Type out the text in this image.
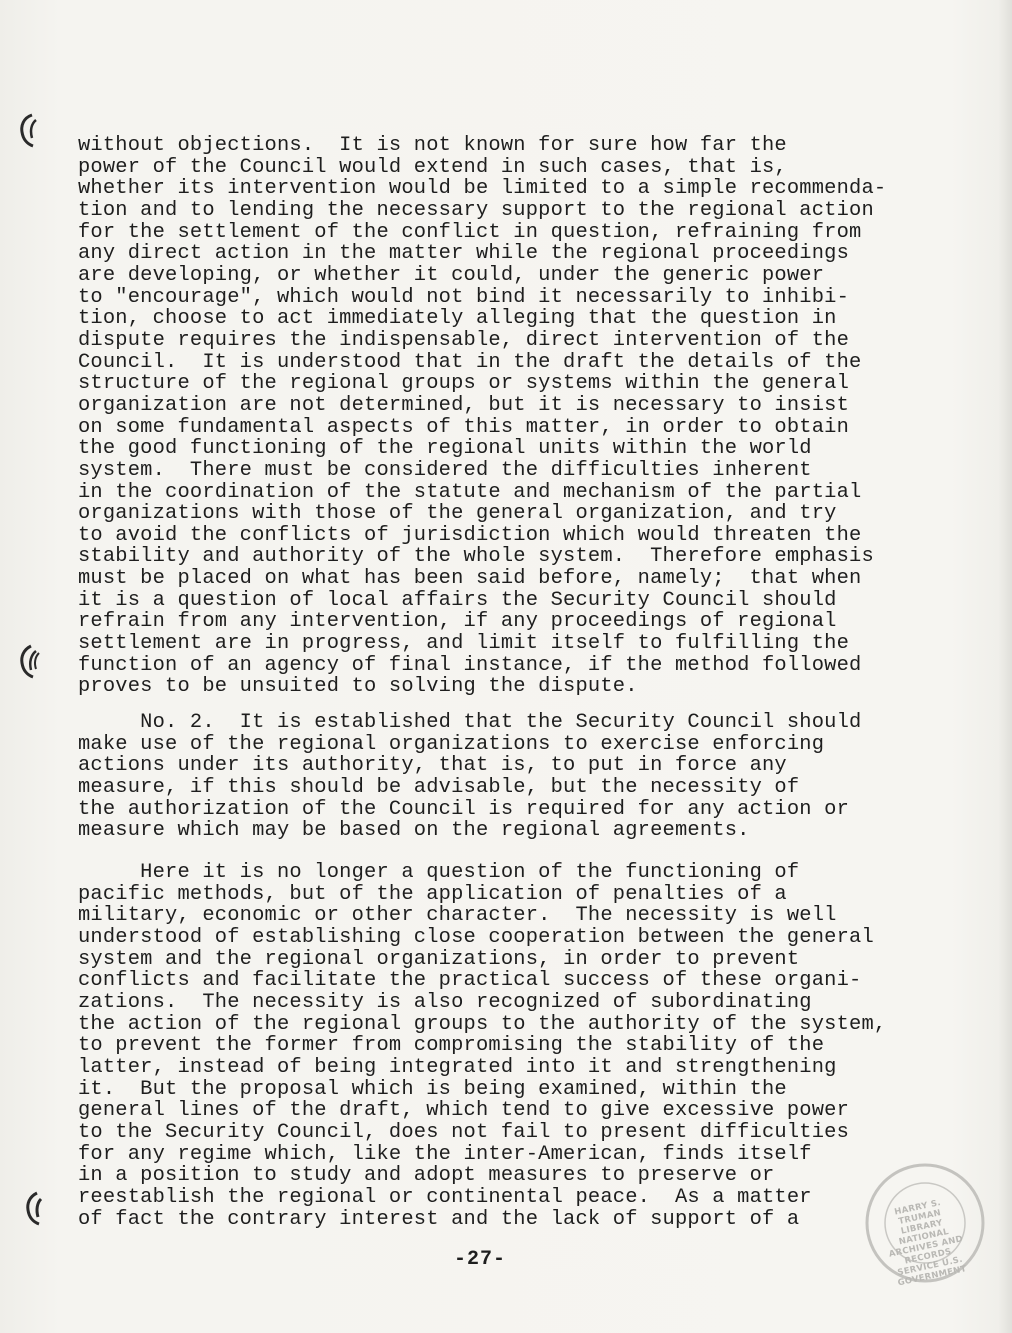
without objections.  It is not known for sure how far the
power of the Council would extend in such cases, that is,
whether its intervention would be limited to a simple recommenda-
tion and to lending the necessary support to the regional action
for the settlement of the conflict in question, refraining from
any direct action in the matter while the regional proceedings
are developing, or whether it could, under the generic power
to "encourage", which would not bind it necessarily to inhibi-
tion, choose to act immediately alleging that the question in
dispute requires the indispensable, direct intervention of the
Council.  It is understood that in the draft the details of the
structure of the regional groups or systems within the general
organization are not determined, but it is necessary to insist
on some fundamental aspects of this matter, in order to obtain
the good functioning of the regional units within the world
system.  There must be considered the difficulties inherent
in the coordination of the statute and mechanism of the partial
organizations with those of the general organization, and try
to avoid the conflicts of jurisdiction which would threaten the
stability and authority of the whole system.  Therefore emphasis
must be placed on what has been said before, namely;  that when
it is a question of local affairs the Security Council should
refrain from any intervention, if any proceedings of regional
settlement are in progress, and limit itself to fulfilling the
function of an agency of final instance, if the method followed
proves to be unsuited to solving the dispute.

No. 2.  It is established that the Security Council should
make use of the regional organizations to exercise enforcing
actions under its authority, that is, to put in force any
measure, if this should be advisable, but the necessity of
the authorization of the Council is required for any action or
measure which may be based on the regional agreements.

Here it is no longer a question of the functioning of
pacific methods, but of the application of penalties of a
military, economic or other character.  The necessity is well
understood of establishing close cooperation between the general
system and the regional organizations, in order to prevent
conflicts and facilitate the practical success of these organi-
zations.  The necessity is also recognized of subordinating
the action of the regional groups to the authority of the system,
to prevent the former from compromising the stability of the
latter, instead of being integrated into it and strengthening
it.  But the proposal which is being examined, within the
general lines of the draft, which tend to give excessive power
to the Security Council, does not fail to present difficulties
for any regime which, like the inter-American, finds itself
in a position to study and adopt measures to preserve or
reestablish the regional or continental peace.  As a matter
of fact the contrary interest and the lack of support of a

-27-
HARRY S. TRUMAN LIBRARY NATIONAL ARCHIVES AND RECORDS SERVICE U.S. GOVERNMENT
